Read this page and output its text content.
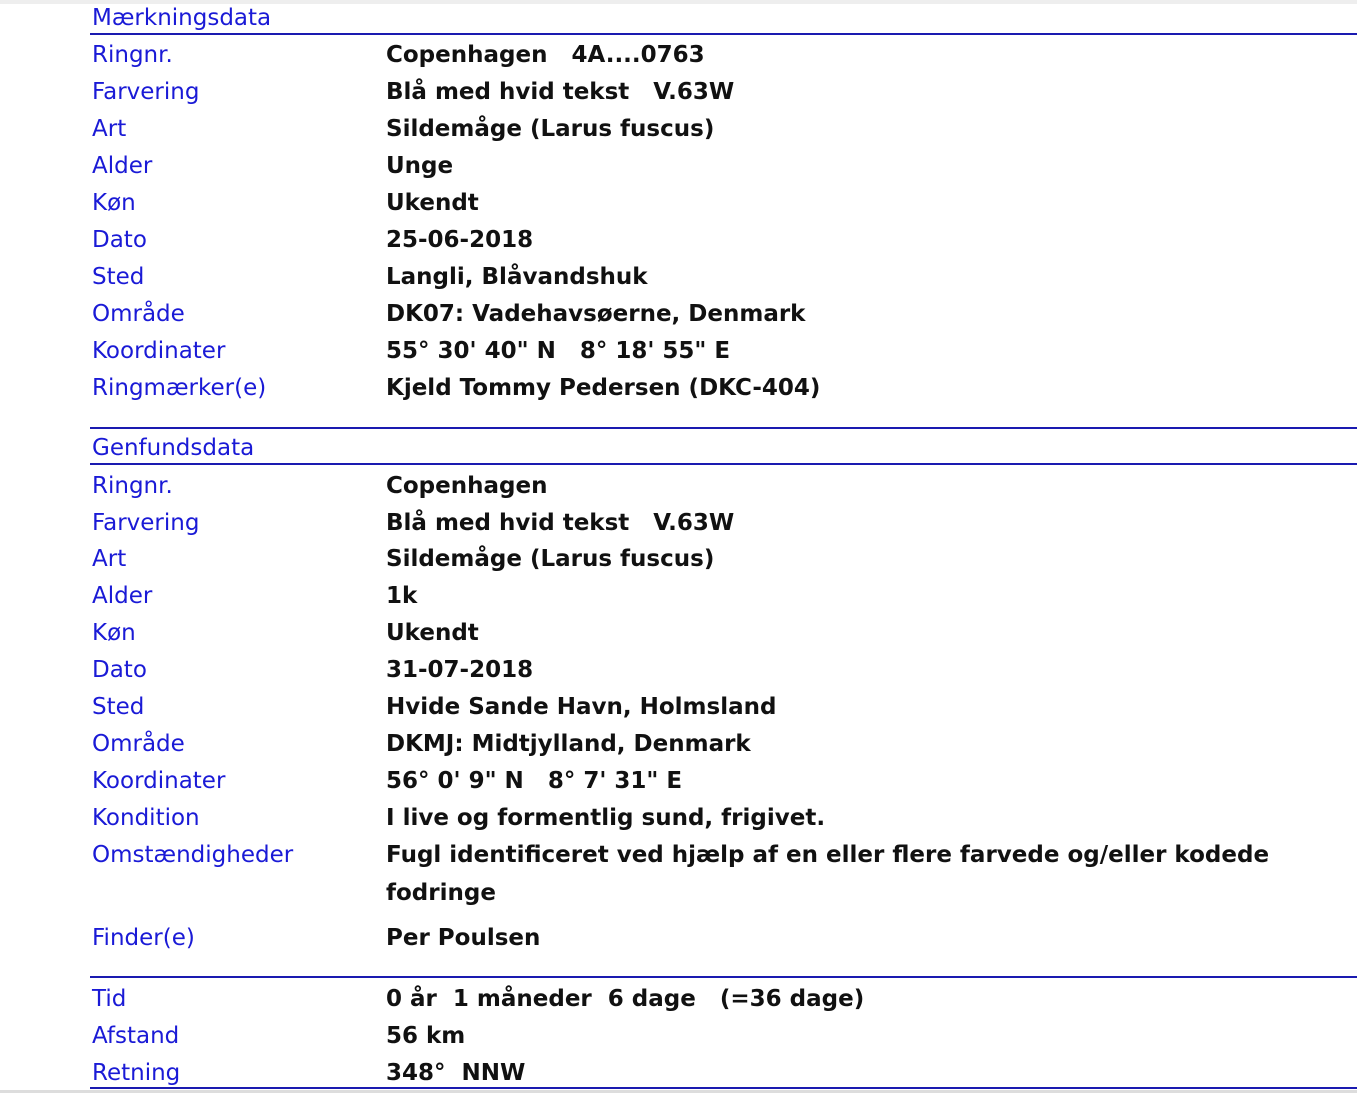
Mærkningsdata
Ringnr.	Copenhagen   4A....0763
Farvering	Blå med hvid tekst   V.63W
Art	Sildemåge (Larus fuscus)
Alder	Unge
Køn	Ukendt
Dato	25-06-2018
Sted	Langli, Blåvandshuk
Område	DK07: Vadehavsøerne, Denmark
Koordinater	55° 30' 40" N   8° 18' 55" E
Ringmærker(e)	Kjeld Tommy Pedersen (DKC-404)
Genfundsdata
Ringnr.	Copenhagen
Farvering	Blå med hvid tekst   V.63W
Art	Sildemåge (Larus fuscus)
Alder	1k
Køn	Ukendt
Dato	31-07-2018
Sted	Hvide Sande Havn, Holmsland
Område	DKMJ: Midtjylland, Denmark
Koordinater	56° 0' 9" N   8° 7' 31" E
Kondition	I live og formentlig sund, frigivet.
Omstændigheder	Fugl identificeret ved hjælp af en eller flere farvede og/eller kodede fodringe
Finder(e)	Per Poulsen
Tid	0 år  1 måneder  6 dage   (=36 dage)
Afstand	56 km
Retning	348°  NNW
